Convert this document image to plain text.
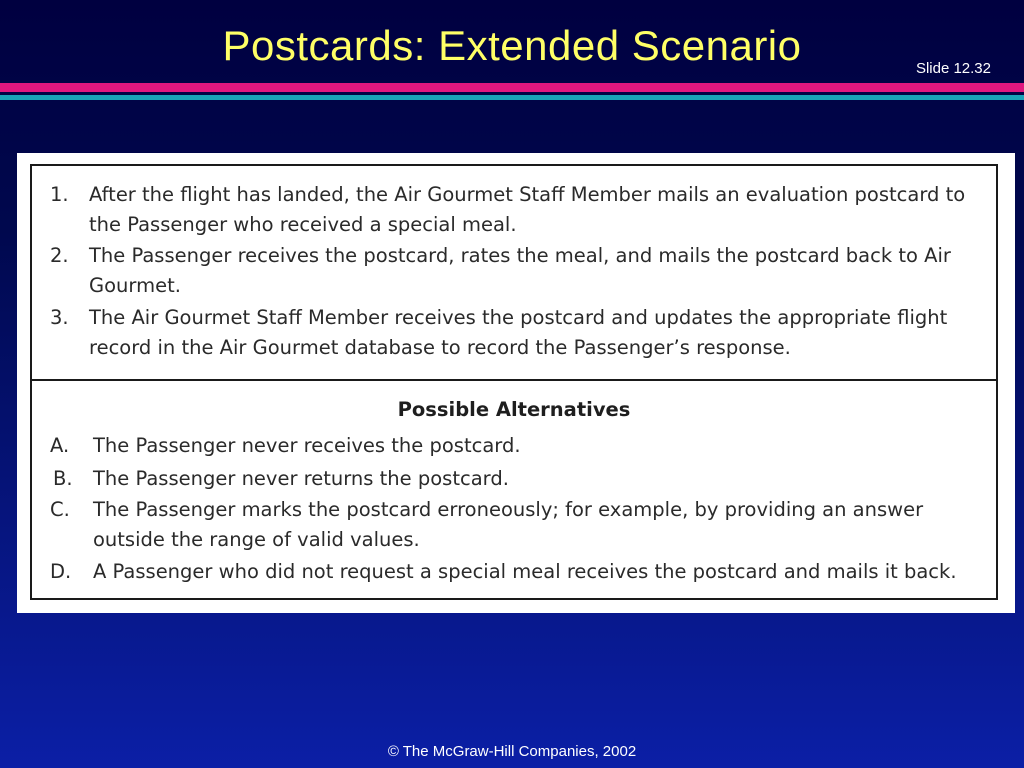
Postcards: Extended Scenario	Slide 12.32
1.	After the flight has landed, the Air Gourmet Staff Member mails an evaluation postcard to the Passenger who received a special meal.
2.	The Passenger receives the postcard, rates the meal, and mails the postcard back to Air Gourmet.
3.	The Air Gourmet Staff Member receives the postcard and updates the appropriate flight record in the Air Gourmet database to record the Passenger’s response.
Possible Alternatives
A.	The Passenger never receives the postcard.
B.	The Passenger never returns the postcard.
C.	The Passenger marks the postcard erroneously; for example, by providing an answer outside the range of valid values.
D.	A Passenger who did not request a special meal receives the postcard and mails it back.
© The McGraw-Hill Companies, 2002
